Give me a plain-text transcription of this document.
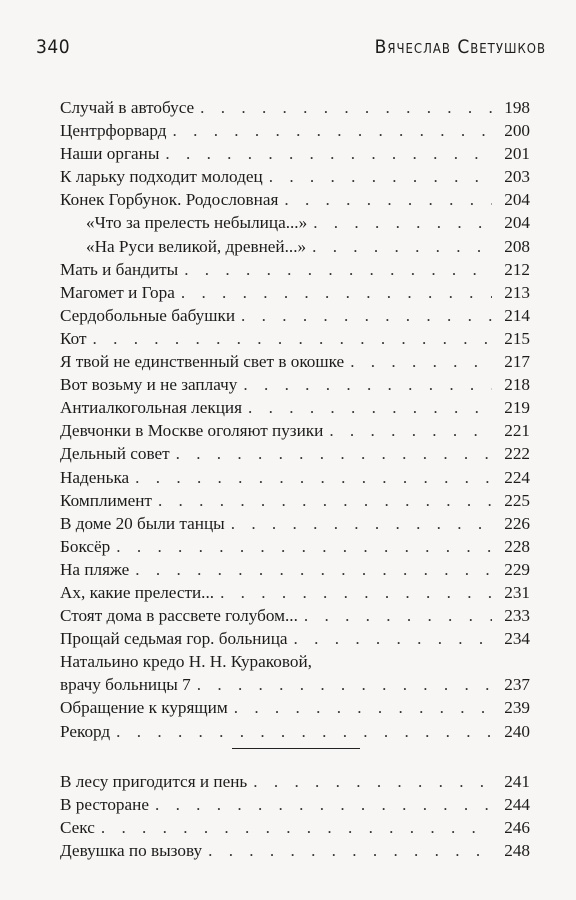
340	Вячеслав Светушков
Случай в автобусе . . .	198
Центрфорвард . . .	200
Наши органы . . .	201
К ларьку подходит молодец . . .	203
Конек Горбунок. Родословная . . .	204
«Что за прелесть небылица...» . . .	204
«На Руси великой, древней...» . . .	208
Мать и бандиты . . .	212
Магомет и Гора . . .	213
Сердобольные бабушки . . .	214
Кот . . .	215
Я твой не единственный свет в окошке . . .	217
Вот возьму и не заплачу . . .	218
Антиалкогольная лекция . . .	219
Девчонки в Москве оголяют пузики . . .	221
Дельный совет . . .	222
Наденька . . .	224
Комплимент . . .	225
В доме 20 были танцы . . .	226
Боксёр . . .	228
На пляже . . .	229
Ах, какие прелести... . . .	231
Стоят дома в рассвете голубом... . . .	233
Прощай седьмая гор. больница . . .	234
Натальино кредо Н. Н. Кураковой,
врачу больницы 7 . . .	237
Обращение к курящим . . .	239
Рекорд . . .	240
В лесу пригодится и пень . . .	241
В ресторане . . .	244
Секс . . .	246
Девушка по вызову . . .	248
